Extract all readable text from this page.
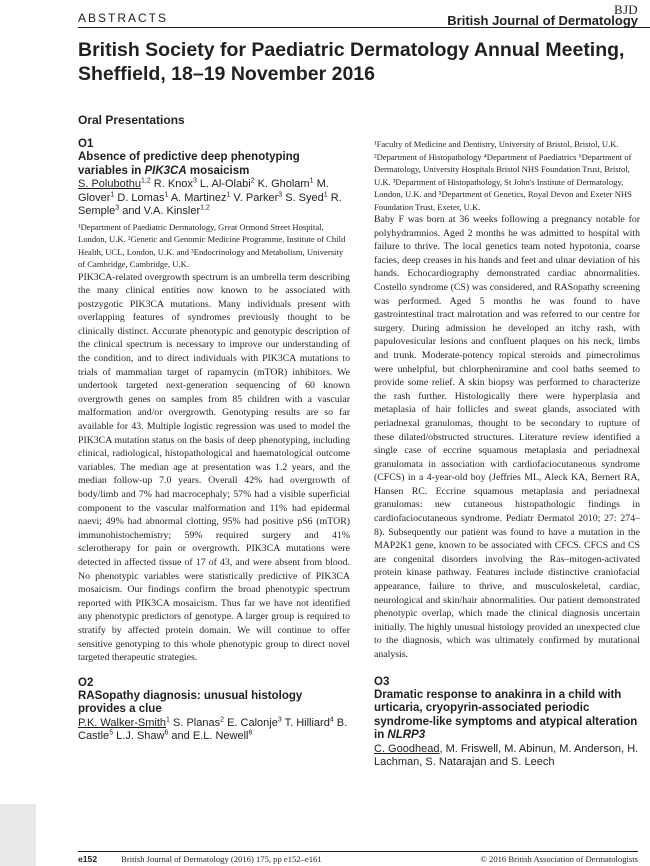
ABSTRACTS
BJD
British Journal of Dermatology
British Society for Paediatric Dermatology Annual Meeting, Sheffield, 18–19 November 2016
Oral Presentations
O1
Absence of predictive deep phenotyping variables in PIK3CA mosaicism
S. Polubothu$^{1,2}$ R. Knox$^3$ L. Al-Olabi$^2$ K. Gholam$^1$ M. Glover$^1$ D. Lomas$^1$ A. Martinez$^1$ V. Parker$^3$ S. Syed$^1$ R. Semple$^3$ and V.A. Kinsler$^{1,2}$
¹Department of Paediatric Dermatology, Great Ormond Street Hospital, London, U.K. ²Genetic and Genomic Medicine Programme, Institute of Child Health, UCL, London, U.K. and ³Endocrinology and Metabolism, University of Cambridge, Cambridge, U.K.

PIK3CA-related overgrowth spectrum is an umbrella term describing the many clinical entities now known to be associated with postzygotic PIK3CA mutations. Many individuals present with overlapping features of syndromes previously thought to be clinically distinct. Accurate phenotypic and genotypic description of the clinical spectrum is necessary to improve our understanding of the condition, and to direct individuals with PIK3CA mutations to trials of mammalian target of rapamycin (mTOR) inhibitors. We undertook targeted next-generation sequencing of 60 known overgrowth genes on samples from 85 children with a vascular malformation and/or overgrowth. Genotyping results are so far available for 43. Multiple logistic regression was used to model the PIK3CA mutation status on the basis of deep phenotyping, including clinical, radiological, histopathological and haematological outcome variables. The median age at presentation was 1.2 years, and the median follow-up 7.0 years. Overall 42% had overgrowth of body/limb and 7% had macrocephaly; 57% had a visible superficial component to the vascular malformation and 11% had epidermal naevi; 49% had abnormal clotting, 95% had positive pS6 (mTOR) immunohistochemistry; 59% required surgery and 41% sclerotherapy for pain or overgrowth. PIK3CA mutations were detected in affected tissue of 17 of 43, and were absent from blood. No phenotypic variables were statistically predictive of PIK3CA mosaicism. Our findings confirm the broad phenotypic spectrum reported with PIK3CA mosaicism. Thus far we have not identified any phenotypic predictors of genotype. A larger group is required to stratify by affected protein domain. We will continue to offer sensitive genotyping to this whole phenotypic group to direct novel targeted therapeutic strategies.

O2
RASopathy diagnosis: unusual histology provides a clue
P.K. Walker-Smith$^1$ S. Planas$^2$ E. Calonje$^3$ T. Hilliard$^4$ B. Castle$^5$ L.J. Shaw$^6$ and E.L. Newell$^6$
¹Faculty of Medicine and Dentistry, University of Bristol, Bristol, U.K. ²Department of Histopathology ⁴Department of Paediatrics ⁶Department of Dermatology, University Hospitals Bristol NHS Foundation Trust, Bristol, U.K. ³Department of Histopathology, St John's Institute of Dermatology, London, U.K. and ⁵Department of Genetics, Royal Devon and Exeter NHS Foundation Trust, Exeter, U.K.

Baby F was born at 36 weeks following a pregnancy notable for polyhydramnios. Aged 2 months he was admitted to hospital with failure to thrive. The local genetics team noted hypotonia, coarse facies, deep creases in his hands and feet and ulnar deviation of his hands. Echocardiography demonstrated cardiac abnormalities. Costello syndrome (CS) was considered, and RASopathy screening was performed. Aged 5 months he was found to have gastrointestinal tract malrotation and was referred to our centre for surgery. During admission he developed an itchy rash, with papulovesicular lesions and confluent plaques on his neck, limbs and trunk. Moderate-potency topical steroids and pimecrolimus were unhelpful, but chlorpheniramine and cool baths seemed to provide some relief. A skin biopsy was performed to characterize the rash further. Histologically there were hyperplasia and metaplasia of hair follicles and sweat glands, associated with periadnexal granulomas, thought to be secondary to rupture of these dilated/obstructed structures. Literature review identified a single case of eccrine squamous metaplasia and periadnexal granulomata in association with cardiofaciocutaneous syndrome (CFCS) in a 4-year-old boy (Jeffries ML, Aleck KA, Bernert RA, Hansen RC. Eccrine squamous metaplasia and periadnexal granulomas: new cutaneous histopathologic findings in cardiofaciocutaneous syndrome. Pediatr Dermatol 2010; 27: 274–8). Subsequently our patient was found to have a mutation in the MAP2K1 gene, known to be associated with CFCS. CFCS and CS are congenital disorders involving the Ras–mitogen-activated protein kinase pathway. Features include distinctive craniofacial appearance, failure to thrive, and musculoskeletal, cardiac, neurological and skin/hair abnormalities. Our patient demonstrated phenotypic overlap, which made the clinical diagnosis uncertain initially. The highly unusual histology provided an unexpected clue to the diagnosis, which was ultimately confirmed by mutational analysis.

O3
Dramatic response to anakinra in a child with urticaria, cryopyrin-associated periodic syndrome-like symptoms and atypical alteration in NLRP3
C. Goodhead, M. Friswell, M. Abinun, M. Anderson, H. Lachman, S. Natarajan and S. Leech
e152	British Journal of Dermatology (2016) 175, pp e152–e161	© 2016 British Association of Dermatologists
